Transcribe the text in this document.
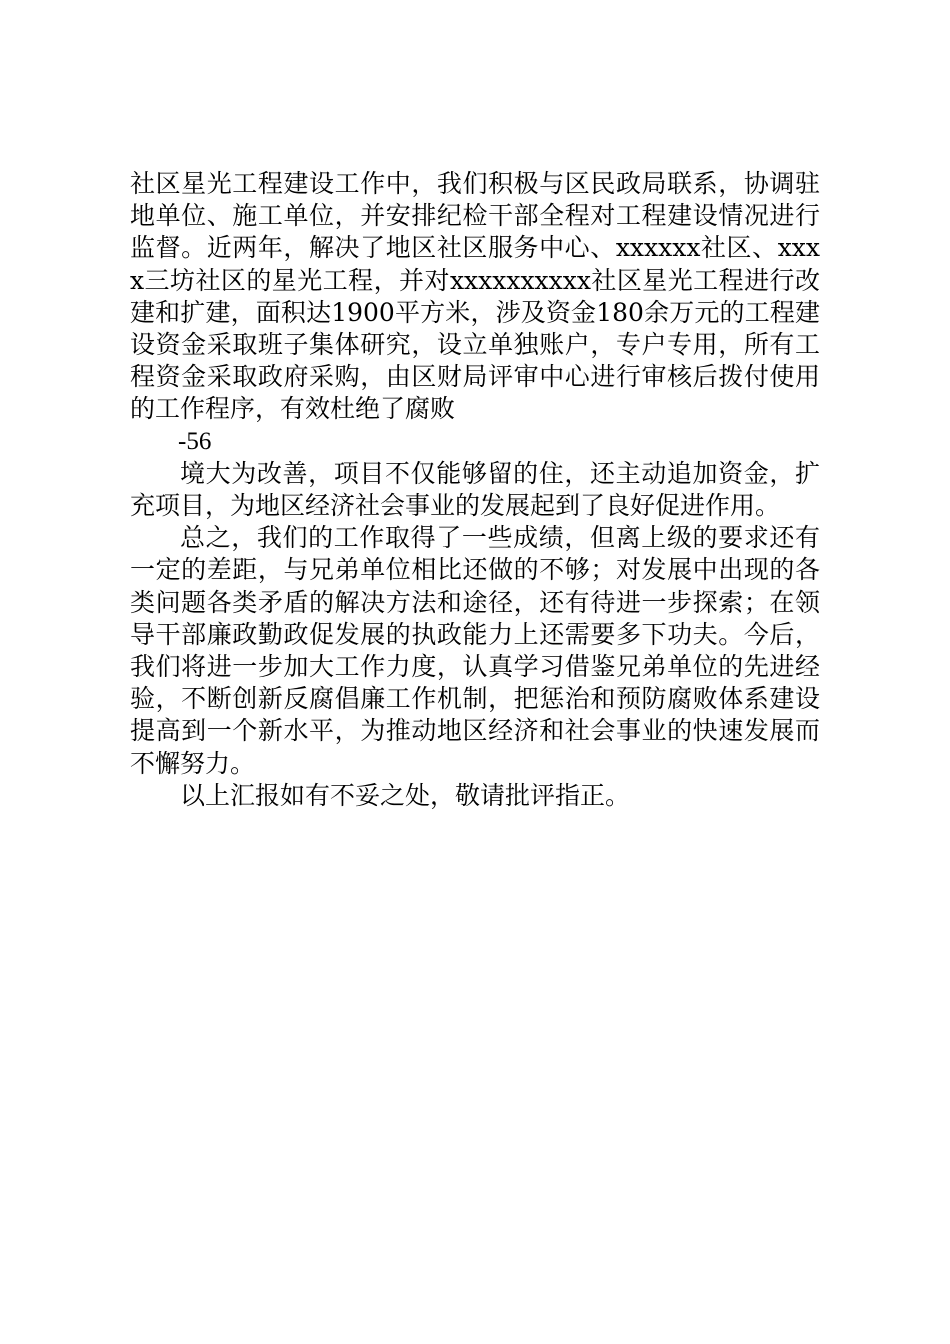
社区星光工程建设工作中，我们积极与区民政局联系，协调驻地单位、施工单位，并安排纪检干部全程对工程建设情况进行监督。近两年，解决了地区社区服务中心、xxxxxx社区、xxxx三坊社区的星光工程，并对xxxxxxxxxx社区星光工程进行改建和扩建，面积达1900平方米，涉及资金180余万元的工程建设资金采取班子集体研究，设立单独账户，专户专用，所有工程资金采取政府采购，由区财局评审中心进行审核后拨付使用的工作程序，有效杜绝了腐败

-56

境大为改善，项目不仅能够留的住，还主动追加资金，扩充项目，为地区经济社会事业的发展起到了良好促进作用。

总之，我们的工作取得了一些成绩，但离上级的要求还有一定的差距，与兄弟单位相比还做的不够；对发展中出现的各类问题各类矛盾的解决方法和途径，还有待进一步探索；在领导干部廉政勤政促发展的执政能力上还需要多下功夫。今后，我们将进一步加大工作力度，认真学习借鉴兄弟单位的先进经验，不断创新反腐倡廉工作机制，把惩治和预防腐败体系建设提高到一个新水平，为推动地区经济和社会事业的快速发展而不懈努力。

以上汇报如有不妥之处，敬请批评指正。
